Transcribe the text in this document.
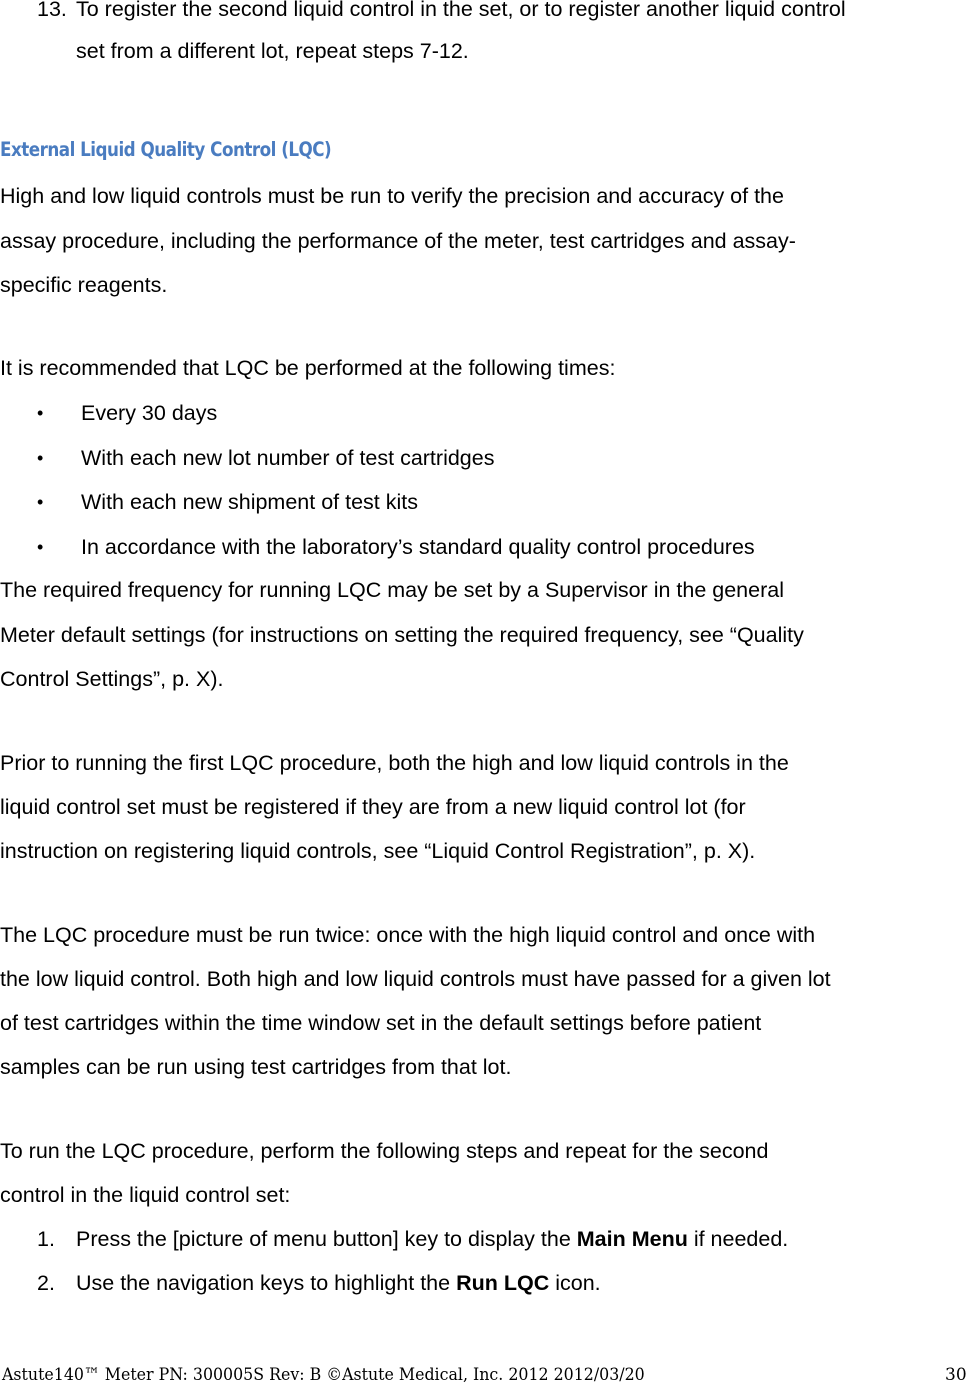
13. To register the second liquid control in the set, or to register another liquid control
set from a different lot, repeat steps 7-12.
External Liquid Quality Control (LQC)
High and low liquid controls must be run to verify the precision and accuracy of the
assay procedure, including the performance of the meter, test cartridges and assay-
specific reagents.
It is recommended that LQC be performed at the following times:
• Every 30 days
• With each new lot number of test cartridges
• With each new shipment of test kits
• In accordance with the laboratory’s standard quality control procedures
The required frequency for running LQC may be set by a Supervisor in the general
Meter default settings (for instructions on setting the required frequency, see “Quality
Control Settings”, p. X).
Prior to running the first LQC procedure, both the high and low liquid controls in the
liquid control set must be registered if they are from a new liquid control lot (for
instruction on registering liquid controls, see “Liquid Control Registration”, p. X).
The LQC procedure must be run twice: once with the high liquid control and once with
the low liquid control. Both high and low liquid controls must have passed for a given lot
of test cartridges within the time window set in the default settings before patient
samples can be run using test cartridges from that lot.
To run the LQC procedure, perform the following steps and repeat for the second
control in the liquid control set:
1. Press the [picture of menu button] key to display the Main Menu if needed.
2. Use the navigation keys to highlight the Run LQC icon.
Astute140™ Meter PN: 300005S Rev: B ©Astute Medical, Inc. 2012 2012/03/20	30
